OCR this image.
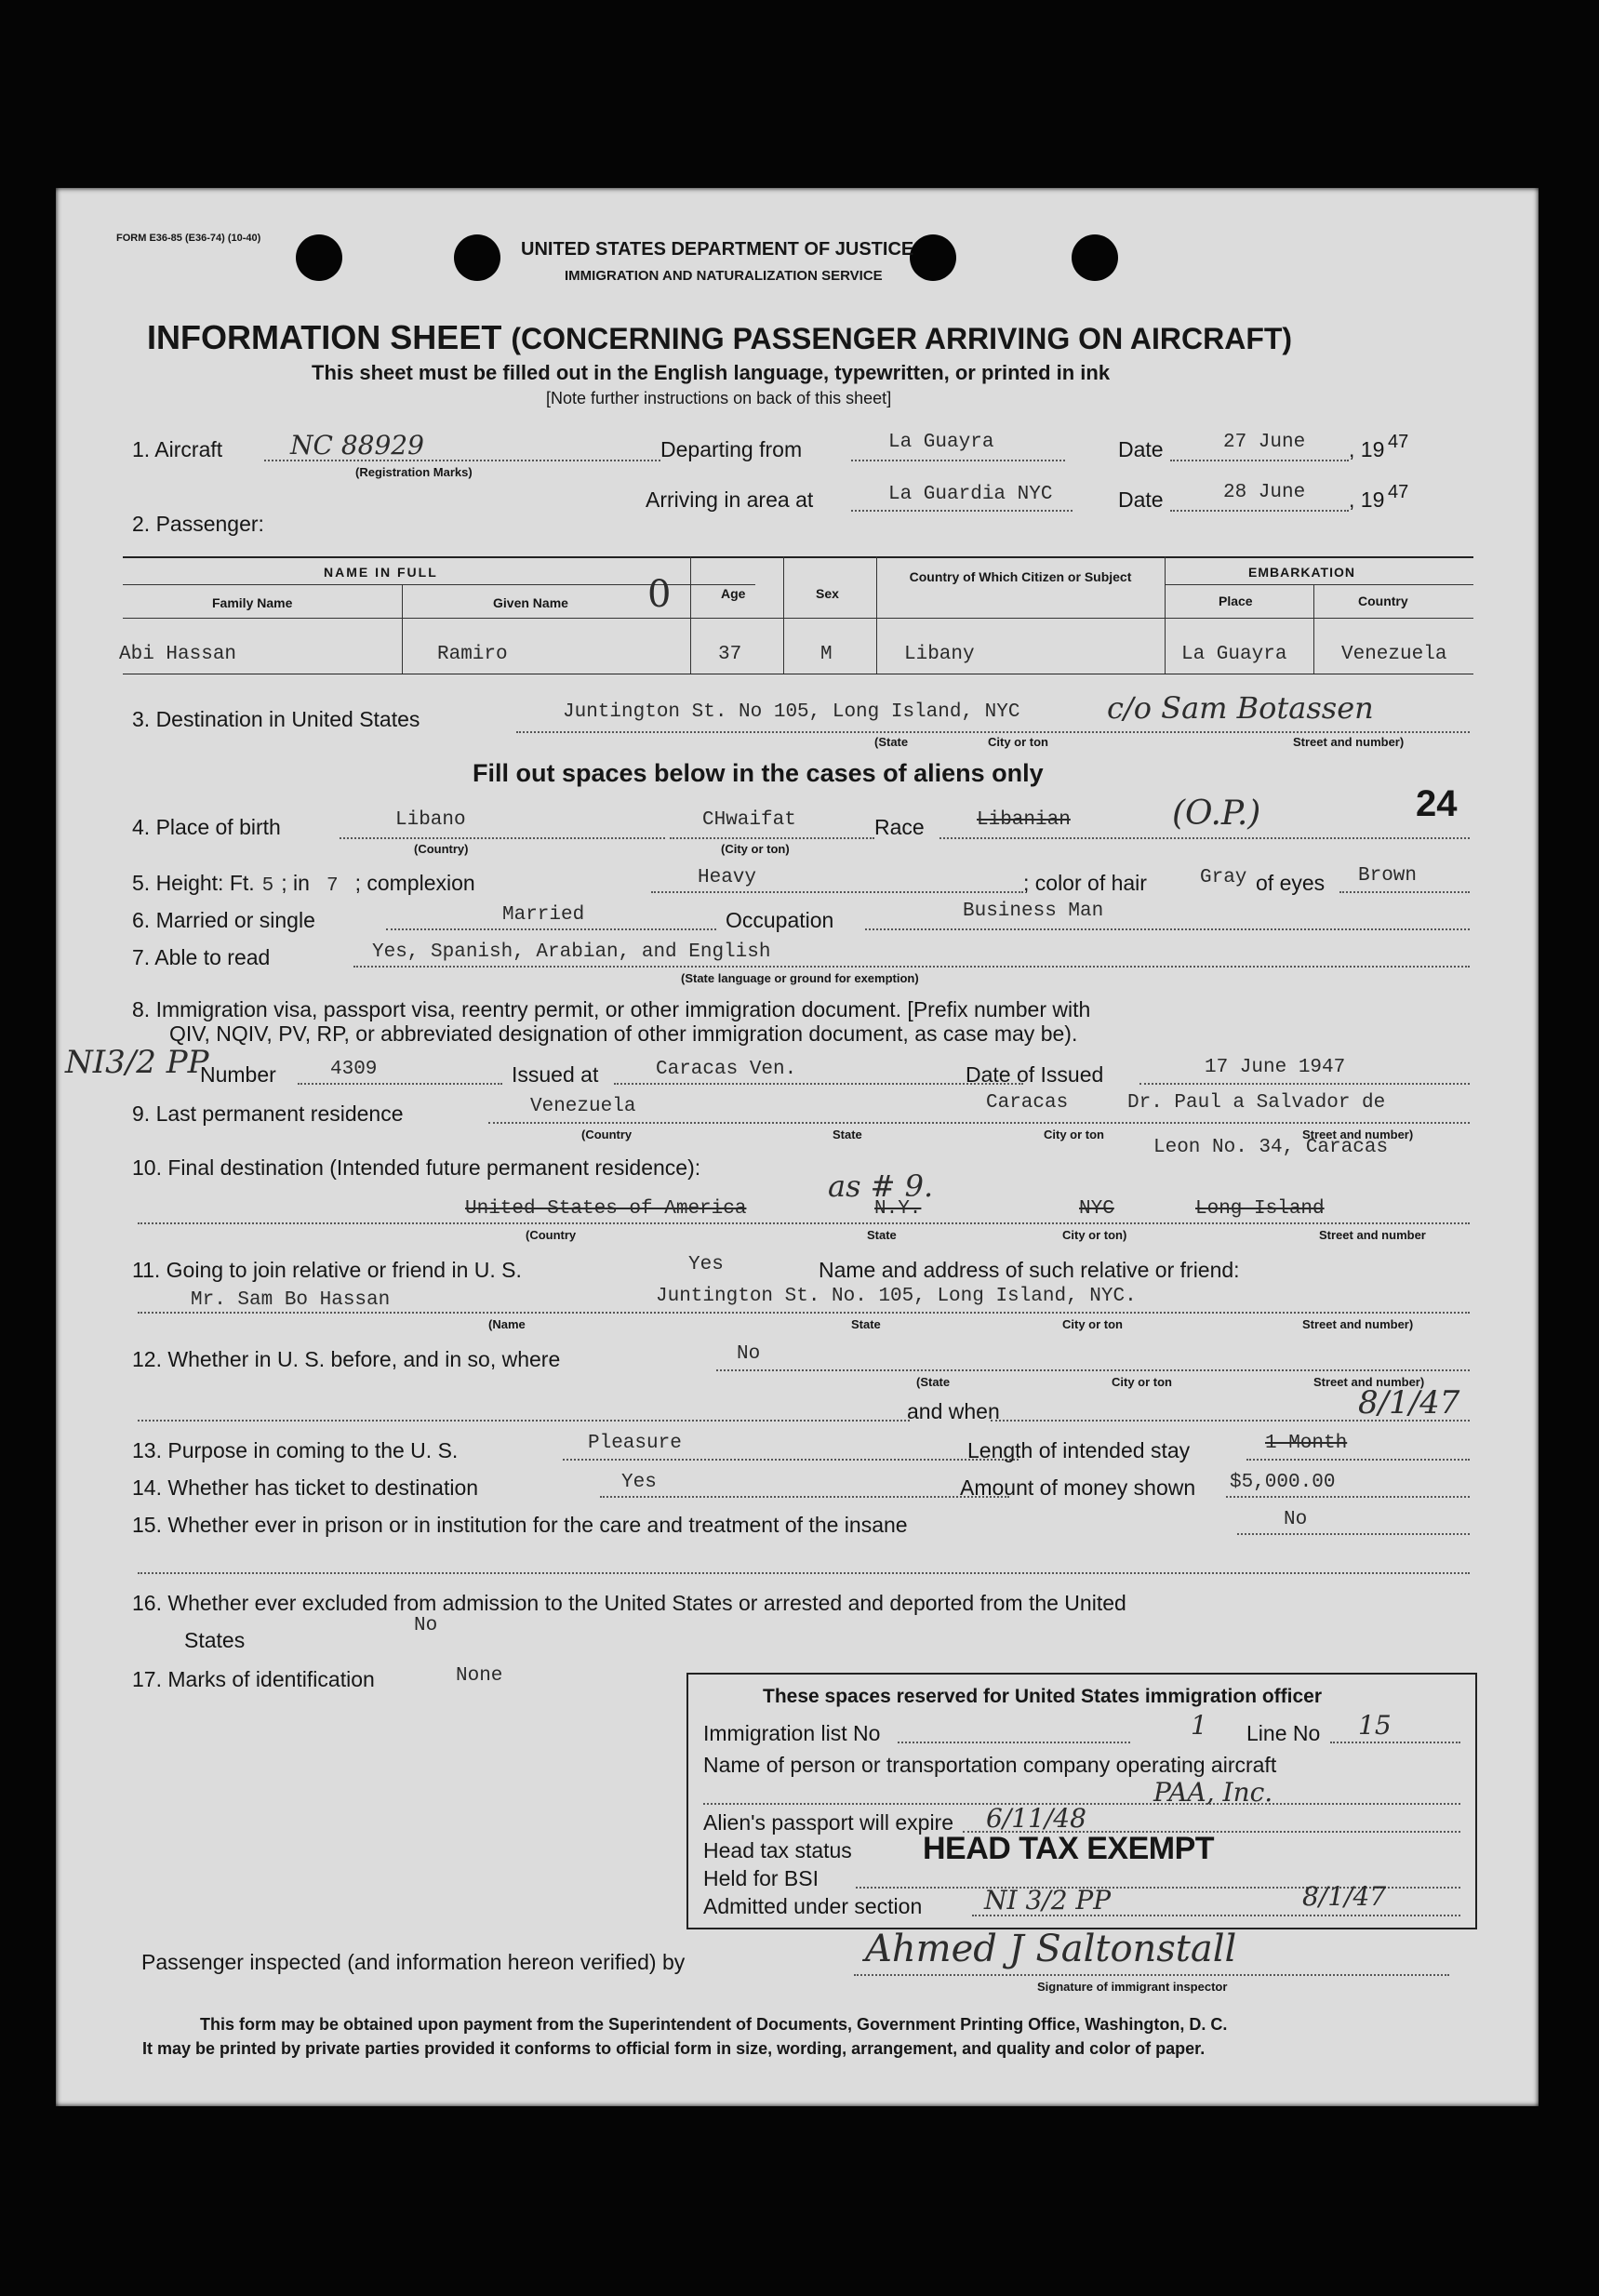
FORM E36-85 (E36-74) (10-40)
UNITED STATES DEPARTMENT OF JUSTICE
IMMIGRATION AND NATURALIZATION SERVICE
INFORMATION SHEET (CONCERNING PASSENGER ARRIVING ON AIRCRAFT)
This sheet must be filled out in the English language, typewritten, or printed in ink
[Note further instructions on back of this sheet]
1. Aircraft	NC 88929
(Registration Marks)
Departing from	La Guayra	Date	27 June , 19 47
Arriving in area at	La Guardia NYC	Date	28 June , 19 47
2. Passenger:
NAME IN FULL
Family Name	Given Name
Age	Sex
Country of Which Citizen or Subject	EMBARKATION
Place	Country
0
Abi Hassan	Ramiro	37	M	Libany	La Guayra	Venezuela
3. Destination in United States	Juntington St. No 105, Long Island, NYC	c/o Sam Botassen
(State	City or ton	Street and number)
Fill out spaces below in the cases of aliens only
4. Place of birth	Libano
(Country)
CHwaifat
(City or ton)
Race	Libanian	(O.P.)	24
5. Height: Ft. 5 ; in 7 ; complexion	Heavy	; color of hair	Gray of eyes Brown
6. Married or single	Married	Occupation	Business Man
7. Able to read	Yes, Spanish, Arabian, and English
(State language or ground for exemption)
8. Immigration visa, passport visa, reentry permit, or other immigration document. [Prefix number with
QIV, NQIV, PV, RP, or abbreviated designation of other immigration document, as case may be).
NI3/2 PP
Number	4309	Issued at	Caracas Ven.	Date of Issued	17 June 1947
9. Last permanent residence	Venezuela	Caracas	Dr. Paul a Salvador de
(Country	State	City or ton	Street and number)
Leon No. 34, Caracas
10. Final destination (Intended future permanent residence):
as # 9.
United States of America	N.Y.	NYC	Long Island
(Country	State	City or ton)	Street and number
11. Going to join relative or friend in U. S.	Yes	Name and address of such relative or friend:
Mr. Sam Bo Hassan	Juntington St. No. 105, Long Island, NYC.
(Name	State	City or ton	Street and number)
12. Whether in U. S. before, and in so, where	No
(State	City or ton	Street and number)
and when	8/1/47
13. Purpose in coming to the U. S.	Pleasure	Length of intended stay	1 Month
14. Whether has ticket to destination	Yes	Amount of money shown $5,000.00
15. Whether ever in prison or in institution for the care and treatment of the insane	No
16. Whether ever excluded from admission to the United States or arrested and deported from the United
States
No
17. Marks of identification	None
These spaces reserved for United States immigration officer
Immigration list No	1 Line No 15
Name of person or transportation company operating aircraft
PAA, Inc.
Alien's passport will expire 6/11/48
Head tax status HEAD TAX EXEMPT
Held for BSI
Admitted under section NI 3/2 PP	8/1/47
Passenger inspected (and information hereon verified) by	Ahmed J Saltonstall
Signature of immigrant inspector
This form may be obtained upon payment from the Superintendent of Documents, Government Printing Office, Washington, D. C.
It may be printed by private parties provided it conforms to official form in size, wording, arrangement, and quality and color of paper.
